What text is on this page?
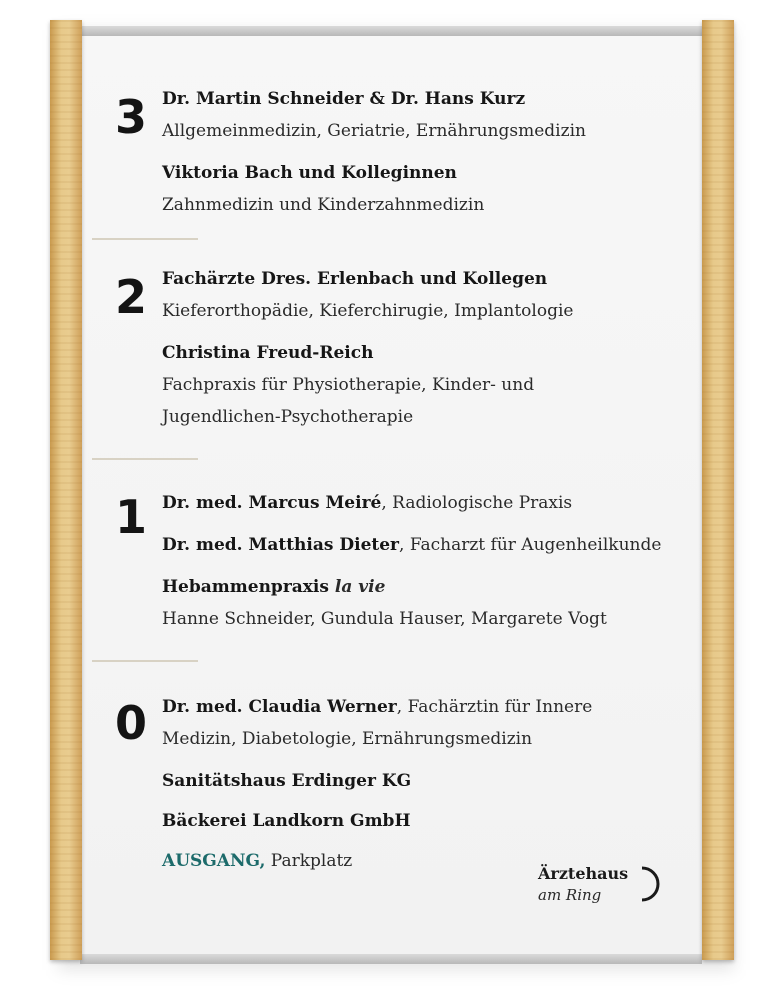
3 Dr. Martin Schneider & Dr. Hans Kurz
Allgemeinmedizin, Geriatrie, Ernährungsmedizin
Viktoria Bach und Kolleginnen
Zahnmedizin und Kinderzahnmedizin
2 Fachärzte Dres. Erlenbach und Kollegen
Kieferorthopädie, Kieferchirugie, Implantologie
Christina Freud-Reich
Fachpraxis für Physiotherapie, Kinder- und
Jugendlichen-Psychotherapie
1 Dr. med. Marcus Meiré, Radiologische Praxis
Dr. med. Matthias Dieter, Facharzt für Augenheilkunde
Hebammenpraxis la vie
Hanne Schneider, Gundula Hauser, Margarete Vogt
0 Dr. med. Claudia Werner, Fachärztin für Innere
Medizin, Diabetologie, Ernährungsmedizin
Sanitätshaus Erdinger KG
Bäckerei Landkorn GmbH
AUSGANG, Parkplatz
Ärztehaus
am Ring
